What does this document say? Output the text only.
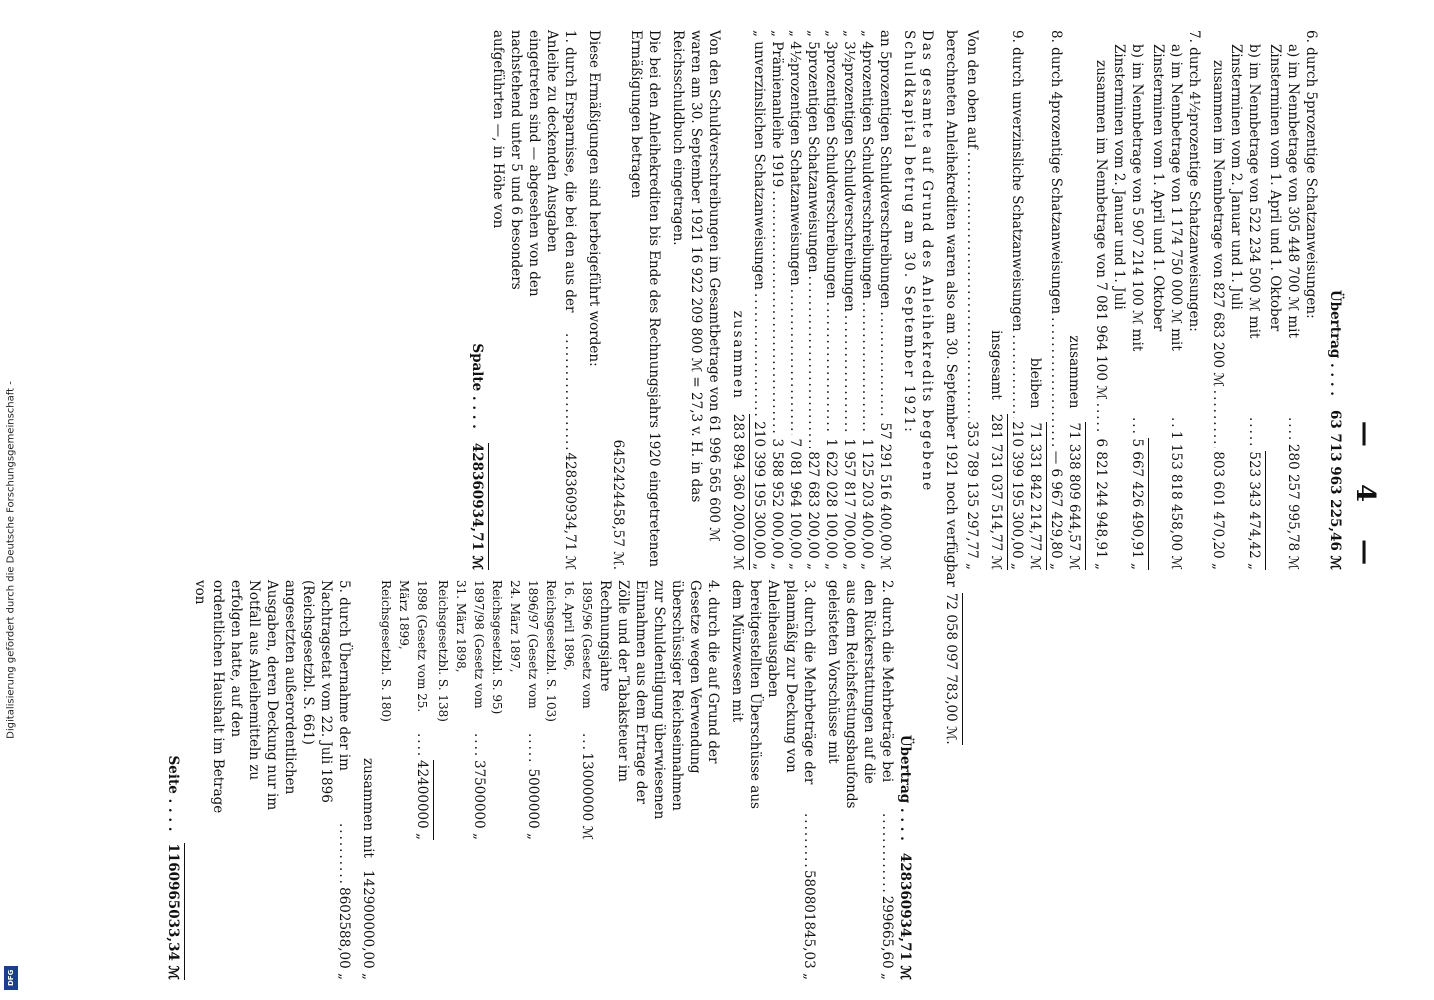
Digitalisierung gefördert durch die Deutsche Forschungsgemeinschaft -
DFG
— 4 —
Übertrag . . . .
63 713 963 225,46 ℳ
6. durch 5prozentige Schatzanweisungen:
a) im Nennbetrage von 305 448 700 ℳ mit Zinsterminen vom 1. April und 1. Oktober
.....
280 257 995,78 ℳ
b) im Nennbetrage von 522 234 500 ℳ mit Zinsterminen vom 2. Januar und 1. Juli
.....
523 343 474,42 „
zusammen im Nennbetrage von 827 683 200 ℳ
.....
803 601 470,20 „
7. durch 4½prozentige Schatzanweisungen:
a) im Nennbetrage von 1 174 750 000 ℳ mit Zinsterminen vom 1. April und 1. Oktober
.....
1 153 818 458,00 ℳ
b) im Nennbetrage von 5 907 214 100 ℳ mit Zinsterminen vom 2. Januar und 1. Juli
.....
5 667 426 490,91 „
zusammen im Nennbetrage von 7 081 964 100 ℳ
.....
6 821 244 948,91 „
zusammen
71 338 809 644,57 ℳ
8. durch 4prozentige Schatzanweisungen
.....
— 6 967 429,80 „
bleiben
71 331 842 214,77 ℳ
9. durch unverzinsliche Schatzanweisungen
.....
210 399 195 300,00 „
insgesamt
281 731 037 514,77 ℳ
Von den oben auf
.....
353 789 135 297,77 „
berechneten Anleihekrediten waren also am 30. September 1921 noch verfügbar
72 058 097 783,00 ℳ.
Das gesamte auf Grund des Anleihekredits begebene Schuldkapital betrug am 30. September 1921:
an 5prozentigen Schuldverschreibungen
.....
57 291 516 400,00 ℳ
„ 4prozentigen Schuldverschreibungen
.....
1 125 203 400,00 „
„ 3½prozentigen Schuldverschreibungen
.....
1 957 817 700,00 „
„ 3prozentigen Schuldverschreibungen
.....
1 622 028 100,00 „
„ 5prozentigen Schatzanweisungen
.....
827 683 200,00 „
„ 4½prozentigen Schatzanweisungen
.....
7 081 964 100,00 „
„ Prämienanleihe 1919
.....
3 588 952 000,00 „
„ unverzinslichen Schatzanweisungen
.....
210 399 195 300,00 „
zusammen
283 894 360 200,00 ℳ
Von den Schuldverschreibungen im Gesamtbetrage von 61 996 565 600 ℳ waren am 30. September 1921 16 922 209 800 ℳ = 27,3 v. H. in das Reichsschuldbuch eingetragen.
Die bei den Anleihekrediten bis Ende des Rechnungsjahrs 1920 eingetretenen Ermäßigungen betragen
6452424458,57 ℳ.
Diese Ermäßigungen sind herbeigeführt worden:
1. durch Ersparnisse, die bei den aus der Anleihe zu deckenden Ausgaben eingetreten sind — abgesehen von den nachstehend unter 5 und 6 besonders aufgeführten —, in Höhe von
.....
428360934,71 ℳ
Spalte . . . .
428360934,71 ℳ
Übertrag . . . .
428360934,71 ℳ
2. durch die Mehrbeträge bei den Rückerstattungen auf die aus dem Reichsfestungsbaufonds geleisteten Vorschüsse mit
.....
299665,60 „
3. durch die Mehrbeträge der planmäßig zur Deckung von Anleiheausgaben bereitgestellten Überschüsse aus dem Münzwesen mit
.....
580801845,03 „
4. durch die auf Grund der Gesetze wegen Verwendung überschüssiger Reichseinnahmen zur Schuldentilgung überwiesenen Einnahmen aus dem Ertrage der Zölle und der Tabaksteuer im Rechnungsjahre
1895/96 (Gesetz vom 16. April 1896, Reichsgesetzbl. S. 103)
.....
13000000 ℳ
1896/97 (Gesetz vom 24. März 1897, Reichsgesetzbl. S. 95)
.....
5000000 „
1897/98 (Gesetz vom 31. März 1898, Reichsgesetzbl. S. 138)
.....
37500000 „
1898 (Gesetz vom 25. März 1899, Reichsgesetzbl. S. 180)
.....
42400000 „
zusammen mit
142900000,00 „
5. durch Übernahme der im Nachtragsetat vom 22. Juli 1896 (Reichsgesetzbl. S. 661) angesetzten außerordentlichen Ausgaben, deren Deckung nur im Notfall aus Anleihemitteln zu erfolgen hatte, auf den ordentlichen Haushalt im Betrage von
.....
8602588,00 „
Seite . . . .
1160965033,34 ℳ
